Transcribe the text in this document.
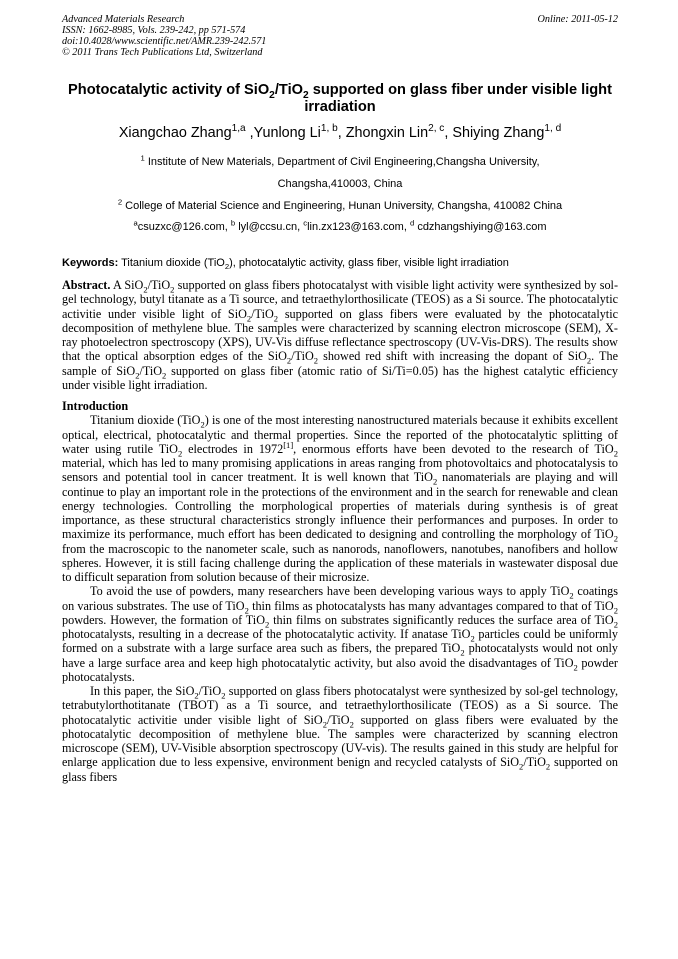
Advanced Materials Research
ISSN: 1662-8985, Vols. 239-242, pp 571-574
doi:10.4028/www.scientific.net/AMR.239-242.571
© 2011 Trans Tech Publications Ltd, Switzerland
Online: 2011-05-12
Photocatalytic activity of SiO$_2$/TiO$_2$ supported on glass fiber under visible light irradiation
Xiangchao Zhang$^{1,a}$ ,Yunlong Li$^{1, b}$, Zhongxin Lin$^{2, c}$, Shiying Zhang$^{1, d}$
$^1$ Institute of New Materials, Department of Civil Engineering,Changsha University,
Changsha,410003, China
$^2$ College of Material Science and Engineering, Hunan University, Changsha, 410082 China
$^a$csuzxc@126.com, $^b$ lyl@ccsu.cn, $^c$lin.zx123@163.com, $^d$ cdzhangshiying@163.com
Keywords: Titanium dioxide (TiO$_2$), photocatalytic activity, glass fiber, visible light irradiation

Abstract. A SiO$_2$/TiO$_2$ supported on glass fibers photocatalyst with visible light activity were synthesized by sol-gel technology, butyl titanate as a Ti source, and tetraethylorthosilicate (TEOS) as a Si source. The photocatalytic activitie under visible light of SiO$_2$/TiO$_2$ supported on glass fibers were evaluated by the photocatalytic decomposition of methylene blue. The samples were characterized by scanning electron microscope (SEM), X-ray photoelectron spectroscopy (XPS), UV-Vis diffuse reflectance spectroscopy (UV-Vis-DRS). The results show that the optical absorption edges of the SiO$_2$/TiO$_2$ showed red shift with increasing the dopant of SiO$_2$. The sample of SiO$_2$/TiO$_2$ supported on glass fiber (atomic ratio of Si/Ti=0.05) has the highest catalytic efficiency under visible light irradiation.

Introduction

Titanium dioxide (TiO$_2$) is one of the most interesting nanostructured materials because it exhibits excellent optical, electrical, photocatalytic and thermal properties. Since the reported of the photocatalytic splitting of water using rutile TiO$_2$ electrodes in 1972[1], enormous efforts have been devoted to the research of TiO$_2$ material, which has led to many promising applications in areas ranging from photovoltaics and photocatalysis to sensors and potential tool in cancer treatment. It is well known that TiO$_2$ nanomaterials are playing and will continue to play an important role in the protections of the environment and in the search for renewable and clean energy technologies. Controlling the morphological properties of materials during synthesis is of great importance, as these structural characteristics strongly influence their performances and purposes. In order to maximize its performance, much effort has been dedicated to designing and controlling the morphology of TiO$_2$ from the macroscopic to the nanometer scale, such as nanorods, nanoflowers, nanotubes, nanofibers and hollow spheres. However, it is still facing challenge during the application of these materials in wastewater disposal due to difficult separation from solution because of their microsize.

To avoid the use of powders, many researchers have been developing various ways to apply TiO$_2$ coatings on various substrates. The use of TiO$_2$ thin films as photocatalysts has many advantages compared to that of TiO$_2$ powders. However, the formation of TiO$_2$ thin films on substrates significantly reduces the surface area of TiO$_2$ photocatalysts, resulting in a decrease of the photocatalytic activity. If anatase TiO$_2$ particles could be uniformly formed on a substrate with a large surface area such as fibers, the prepared TiO$_2$ photocatalysts would not only have a large surface area and keep high photocatalytic activity, but also avoid the disadvantages of TiO$_2$ powder photocatalysts.

In this paper, the SiO$_2$/TiO$_2$ supported on glass fibers photocatalyst were synthesized by sol-gel technology, tetrabutylorthotitanate (TBOT) as a Ti source, and tetraethylorthosilicate (TEOS) as a Si source. The photocatalytic activitie under visible light of SiO$_2$/TiO$_2$ supported on glass fibers were evaluated by the photocatalytic decomposition of methylene blue. The samples were characterized by scanning electron microscope (SEM), UV-Visible absorption spectroscopy (UV-vis). The results gained in this study are helpful for enlarge application due to less expensive, environment benign and recycled catalysts of SiO$_2$/TiO$_2$ supported on glass fibers
